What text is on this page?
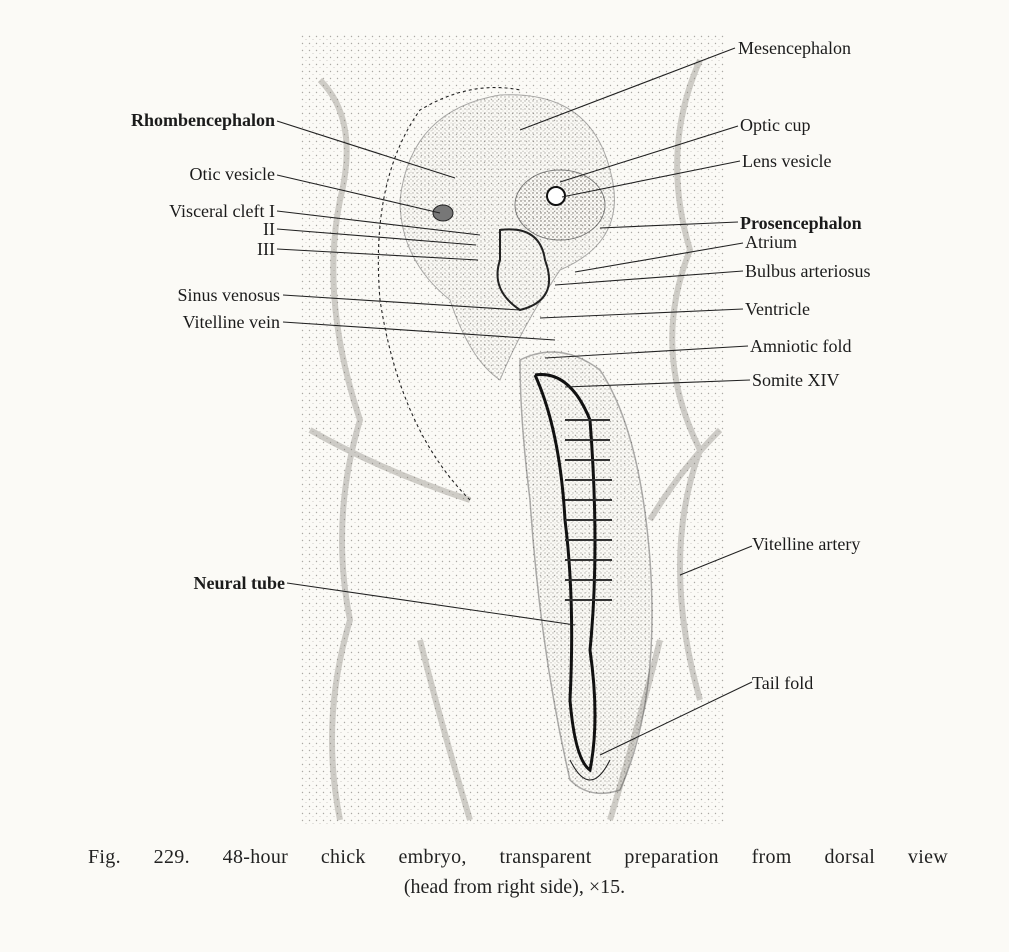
Rhombencephalon
Otic vesicle
Visceral cleft I
II
III
Sinus venosus
Vitelline vein
Neural tube
Mesencephalon
Optic cup
Lens vesicle
Prosencephalon
Atrium
Bulbus arteriosus
Ventricle
Amniotic fold
Somite XIV
Vitelline artery
Tail fold
Fig. 229. 48-hour chick embryo, transparent preparation from dorsal view
(head from right side), ×15.
